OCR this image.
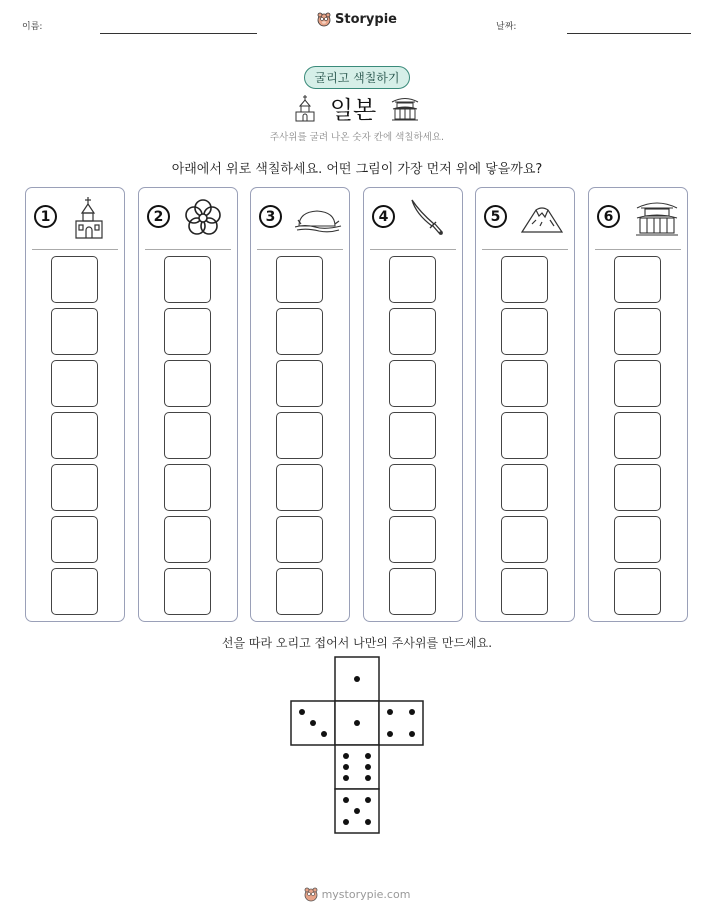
이름:	Storypie	날짜:
굴리고 색칠하기
일본
주사위를 굴려 나온 숫자 칸에 색칠하세요.
아래에서 위로 색칠하세요. 어떤 그림이 가장 먼저 위에 닿을까요?
1	2	3	4	5	6
선을 따라 오리고 접어서 나만의 주사위를 만드세요.
mystorypie.com
